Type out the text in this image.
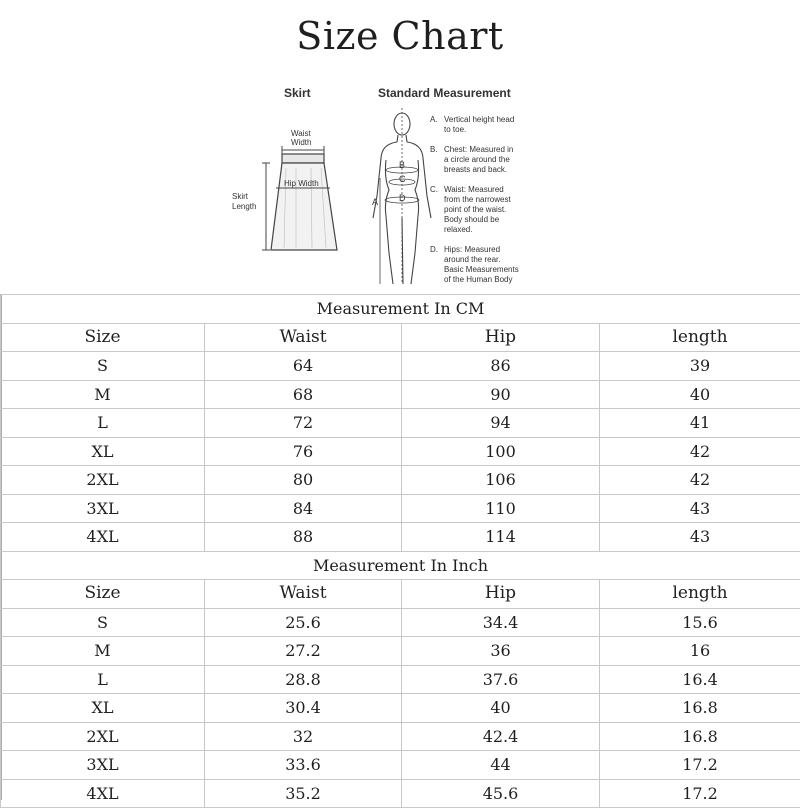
Size Chart
Skirt
Waist
Width
Hip Width
Skirt
Length
Standard Measurement
A
B
C
D
A. Vertical height head
to toe.
B. Chest: Measured in
a circle around the
breasts and back.
C. Waist: Measured
from the narrowest
point of the waist.
Body should be
relaxed.
D. Hips: Measured
around the rear.
Basic Measurements
of the Human Body
Measurement In CM			
Size	Waist	Hip	length
S	64	86	39
M	68	90	40
L	72	94	41
XL	76	100	42
2XL	80	106	42
3XL	84	110	43
4XL	88	114	43
Measurement In Inch			
Size	Waist	Hip	length
S	25.6	34.4	15.6
M	27.2	36	16
L	28.8	37.6	16.4
XL	30.4	40	16.8
2XL	32	42.4	16.8
3XL	33.6	44	17.2
4XL	35.2	45.6	17.2
